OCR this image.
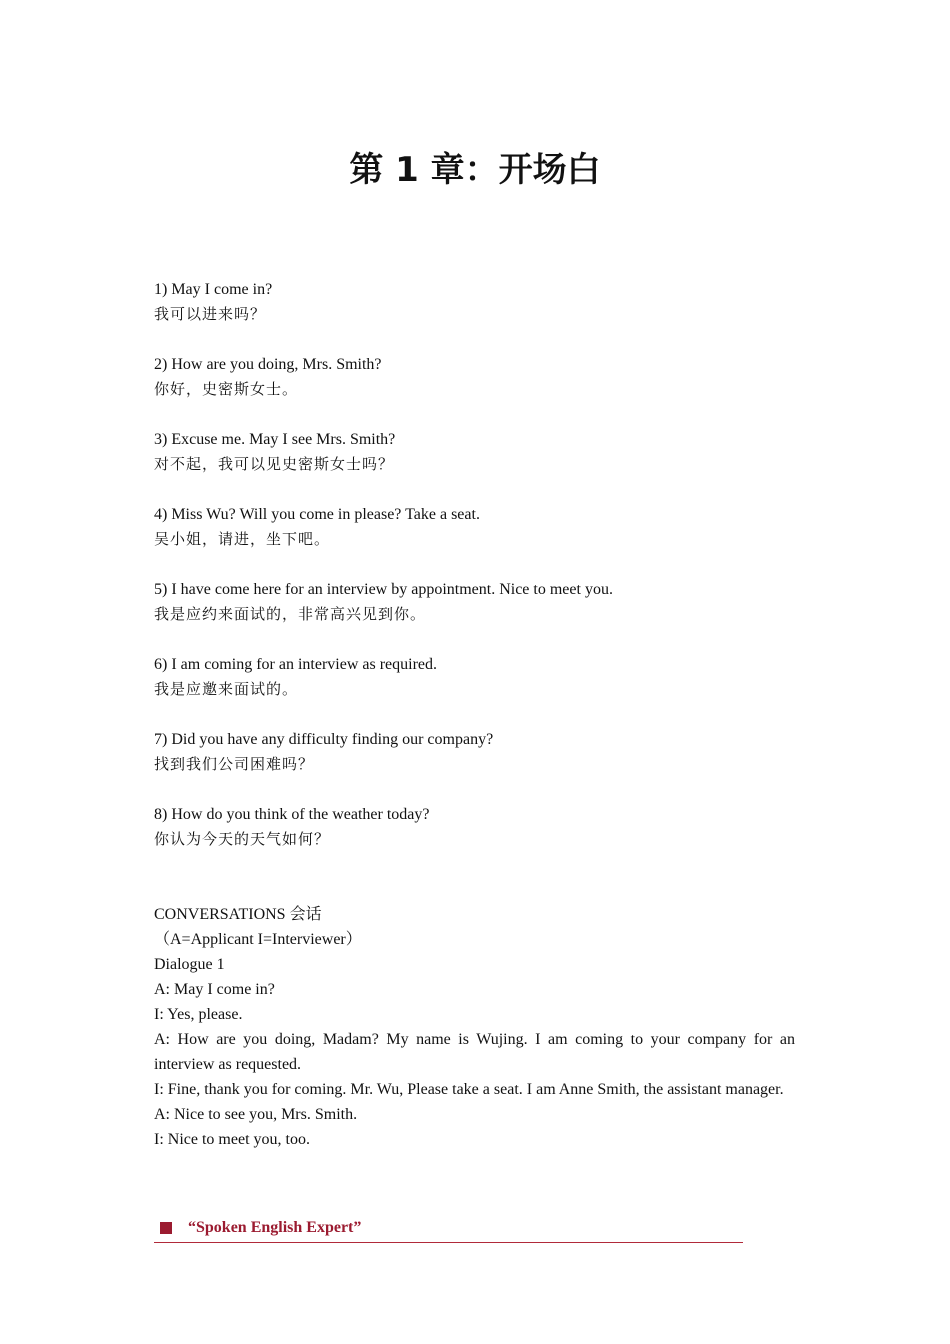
第 1 章：开场白
1) May I come in?
我可以进来吗？
2) How are you doing, Mrs. Smith?
你好，史密斯女士。
3) Excuse me. May I see Mrs. Smith?
对不起，我可以见史密斯女士吗？
4) Miss Wu? Will you come in please? Take a seat.
吴小姐，请进，坐下吧。
5) I have come here for an interview by appointment. Nice to meet you.
我是应约来面试的，非常高兴见到你。
6) I am coming for an interview as required.
我是应邀来面试的。
7) Did you have any difficulty finding our company?
找到我们公司困难吗？
8) How do you think of the weather today?
你认为今天的天气如何？
CONVERSATIONS 会话
（A=Applicant I=Interviewer）
Dialogue 1
A: May I come in?
I: Yes, please.
A: How are you doing, Madam? My name is Wujing. I am coming to your company for an interview as requested.
I: Fine, thank you for coming. Mr. Wu, Please take a seat. I am Anne Smith, the assistant manager.
A: Nice to see you, Mrs. Smith.
I: Nice to meet you, too.
“Spoken English Expert”
